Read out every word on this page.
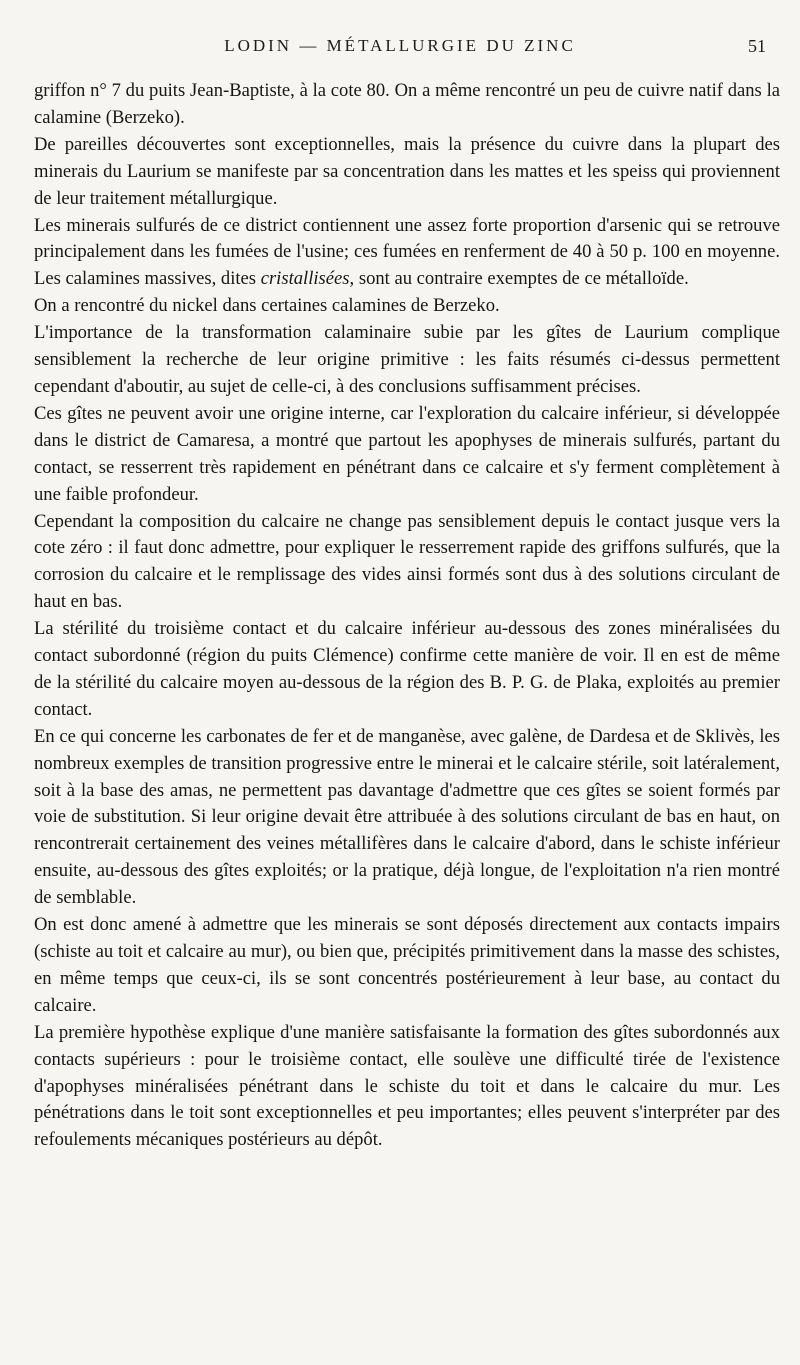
LODIN — MÉTALLURGIE DU ZINC	51

griffon n° 7 du puits Jean-Baptiste, à la cote 80. On a même rencontré un peu de cuivre natif dans la calamine (Berzeko).

De pareilles découvertes sont exceptionnelles, mais la présence du cuivre dans la plupart des minerais du Laurium se manifeste par sa concentration dans les mattes et les speiss qui proviennent de leur traitement métallurgique.

Les minerais sulfurés de ce district contiennent une assez forte proportion d'arsenic qui se retrouve principalement dans les fumées de l'usine; ces fumées en renferment de 40 à 50 p. 100 en moyenne. Les calamines massives, dites cristallisées, sont au contraire exemptes de ce métalloïde.

On a rencontré du nickel dans certaines calamines de Berzeko.

L'importance de la transformation calaminaire subie par les gîtes de Laurium complique sensiblement la recherche de leur origine primitive : les faits résumés ci-dessus permettent cependant d'aboutir, au sujet de celle-ci, à des conclusions suffisamment précises.

Ces gîtes ne peuvent avoir une origine interne, car l'exploration du calcaire inférieur, si développée dans le district de Camaresa, a montré que partout les apophyses de minerais sulfurés, partant du contact, se resserrent très rapidement en pénétrant dans ce calcaire et s'y ferment complètement à une faible profondeur.

Cependant la composition du calcaire ne change pas sensiblement depuis le contact jusque vers la cote zéro : il faut donc admettre, pour expliquer le resserrement rapide des griffons sulfurés, que la corrosion du calcaire et le remplissage des vides ainsi formés sont dus à des solutions circulant de haut en bas.

La stérilité du troisième contact et du calcaire inférieur au-dessous des zones minéralisées du contact subordonné (région du puits Clémence) confirme cette manière de voir. Il en est de même de la stérilité du calcaire moyen au-dessous de la région des B. P. G. de Plaka, exploités au premier contact.

En ce qui concerne les carbonates de fer et de manganèse, avec galène, de Dardesa et de Sklivès, les nombreux exemples de transition progressive entre le minerai et le calcaire stérile, soit latéralement, soit à la base des amas, ne permettent pas davantage d'admettre que ces gîtes se soient formés par voie de substitution. Si leur origine devait être attribuée à des solutions circulant de bas en haut, on rencontrerait certainement des veines métallifères dans le calcaire d'abord, dans le schiste inférieur ensuite, au-dessous des gîtes exploités; or la pratique, déjà longue, de l'exploitation n'a rien montré de semblable.

On est donc amené à admettre que les minerais se sont déposés directement aux contacts impairs (schiste au toit et calcaire au mur), ou bien que, précipités primitivement dans la masse des schistes, en même temps que ceux-ci, ils se sont concentrés postérieurement à leur base, au contact du calcaire.

La première hypothèse explique d'une manière satisfaisante la formation des gîtes subordonnés aux contacts supérieurs : pour le troisième contact, elle soulève une difficulté tirée de l'existence d'apophyses minéralisées pénétrant dans le schiste du toit et dans le calcaire du mur. Les pénétrations dans le toit sont exceptionnelles et peu importantes; elles peuvent s'interpréter par des refoulements mécaniques postérieurs au dépôt.
